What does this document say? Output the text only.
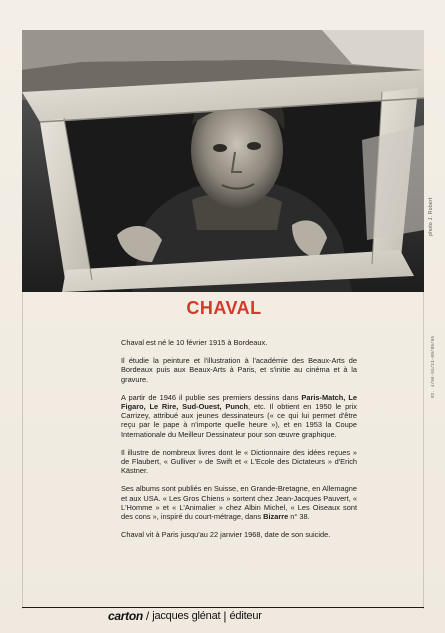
photo J. Robert
RI. 4/66-55/11-09/89/65
CHAVAL

Chaval est né le 10 février 1915 à Bordeaux.

Il étudie la peinture et l'illustration à l'académie des Beaux-Arts de Bordeaux puis aux Beaux-Arts à Paris, et s'initie au cinéma et à la gravure.

A partir de 1946 il publie ses premiers dessins dans Paris-Match, Le Figaro, Le Rire, Sud-Ouest, Punch, etc. Il obtient en 1950 le prix Carrizey, attribué aux jeunes dessinateurs (« ce qui lui permet d'être reçu par le pape à n'importe quelle heure »), et en 1953 la Coupe Internationale du Meilleur Dessinateur pour son œuvre graphique.

Il illustre de nombreux livres dont le « Dictionnaire des idées reçues » de Flaubert, « Gulliver » de Swift et « L'Ecole des Dictateurs » d'Erich Kästner.

Ses albums sont publiés en Suisse, en Grande-Bretagne, en Allemagne et aux USA. « Les Gros Chiens » sortent chez Jean-Jacques Pauvert, « L'Homme » et « L'Animalier » chez Albin Michel, « Les Oiseaux sont des cons », inspiré du court-métrage, dans Bizarre n° 38.

Chaval vit à Paris jusqu'au 22 janvier 1968, date de son suicide.

carton / jacques glénat | éditeur
